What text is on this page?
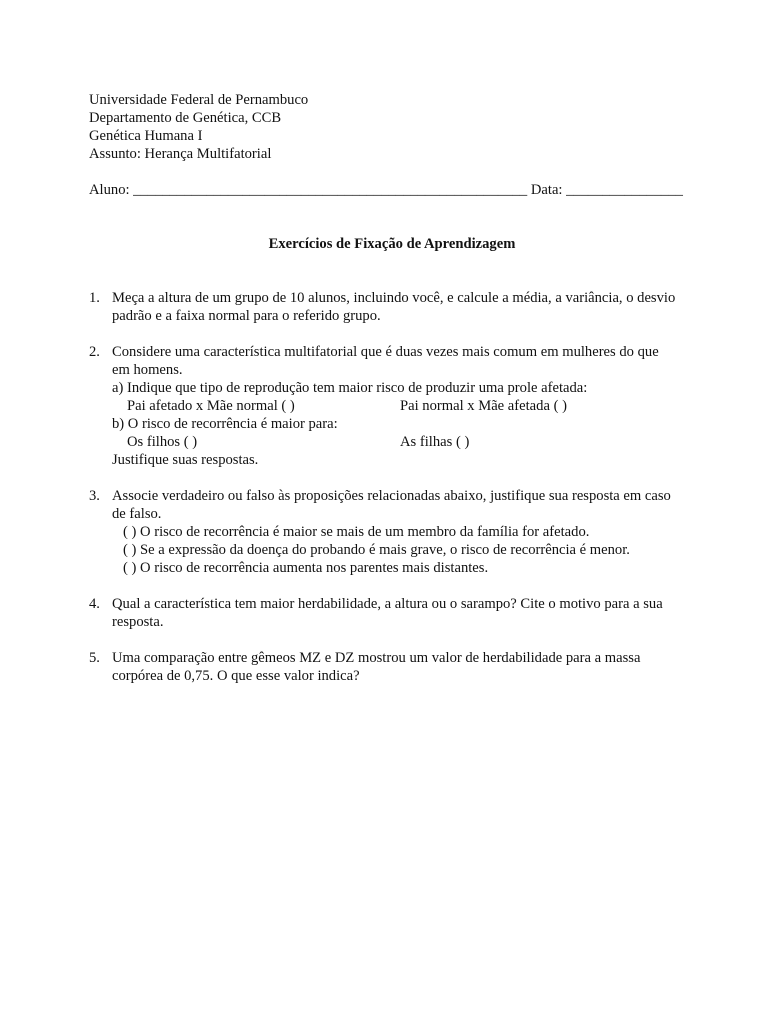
Universidade Federal de Pernambuco
Departamento de Genética, CCB
Genética Humana I
Assunto: Herança Multifatorial
Aluno: ______________________________________________________ Data: ________________
Exercícios de Fixação de Aprendizagem
1. Meça a altura de um grupo de 10 alunos, incluindo você, e calcule a média, a variância, o desvio
padrão e a faixa normal para o referido grupo.
2. Considere uma característica multifatorial que é duas vezes mais comum em mulheres do que
em homens.
a) Indique que tipo de reprodução tem maior risco de produzir uma prole afetada:
Pai afetado x Mãe normal ( )	Pai normal x Mãe afetada ( )
b) O risco de recorrência é maior para:
Os filhos ( )	As filhas ( )
Justifique suas respostas.
3. Associe verdadeiro ou falso às proposições relacionadas abaixo, justifique sua resposta em caso
de falso.
( ) O risco de recorrência é maior se mais de um membro da família for afetado.
( ) Se a expressão da doença do probando é mais grave, o risco de recorrência é menor.
( ) O risco de recorrência aumenta nos parentes mais distantes.
4. Qual a característica tem maior herdabilidade, a altura ou o sarampo? Cite o motivo para a sua
resposta.
5. Uma comparação entre gêmeos MZ e DZ mostrou um valor de herdabilidade para a massa
corpórea de 0,75. O que esse valor indica?
